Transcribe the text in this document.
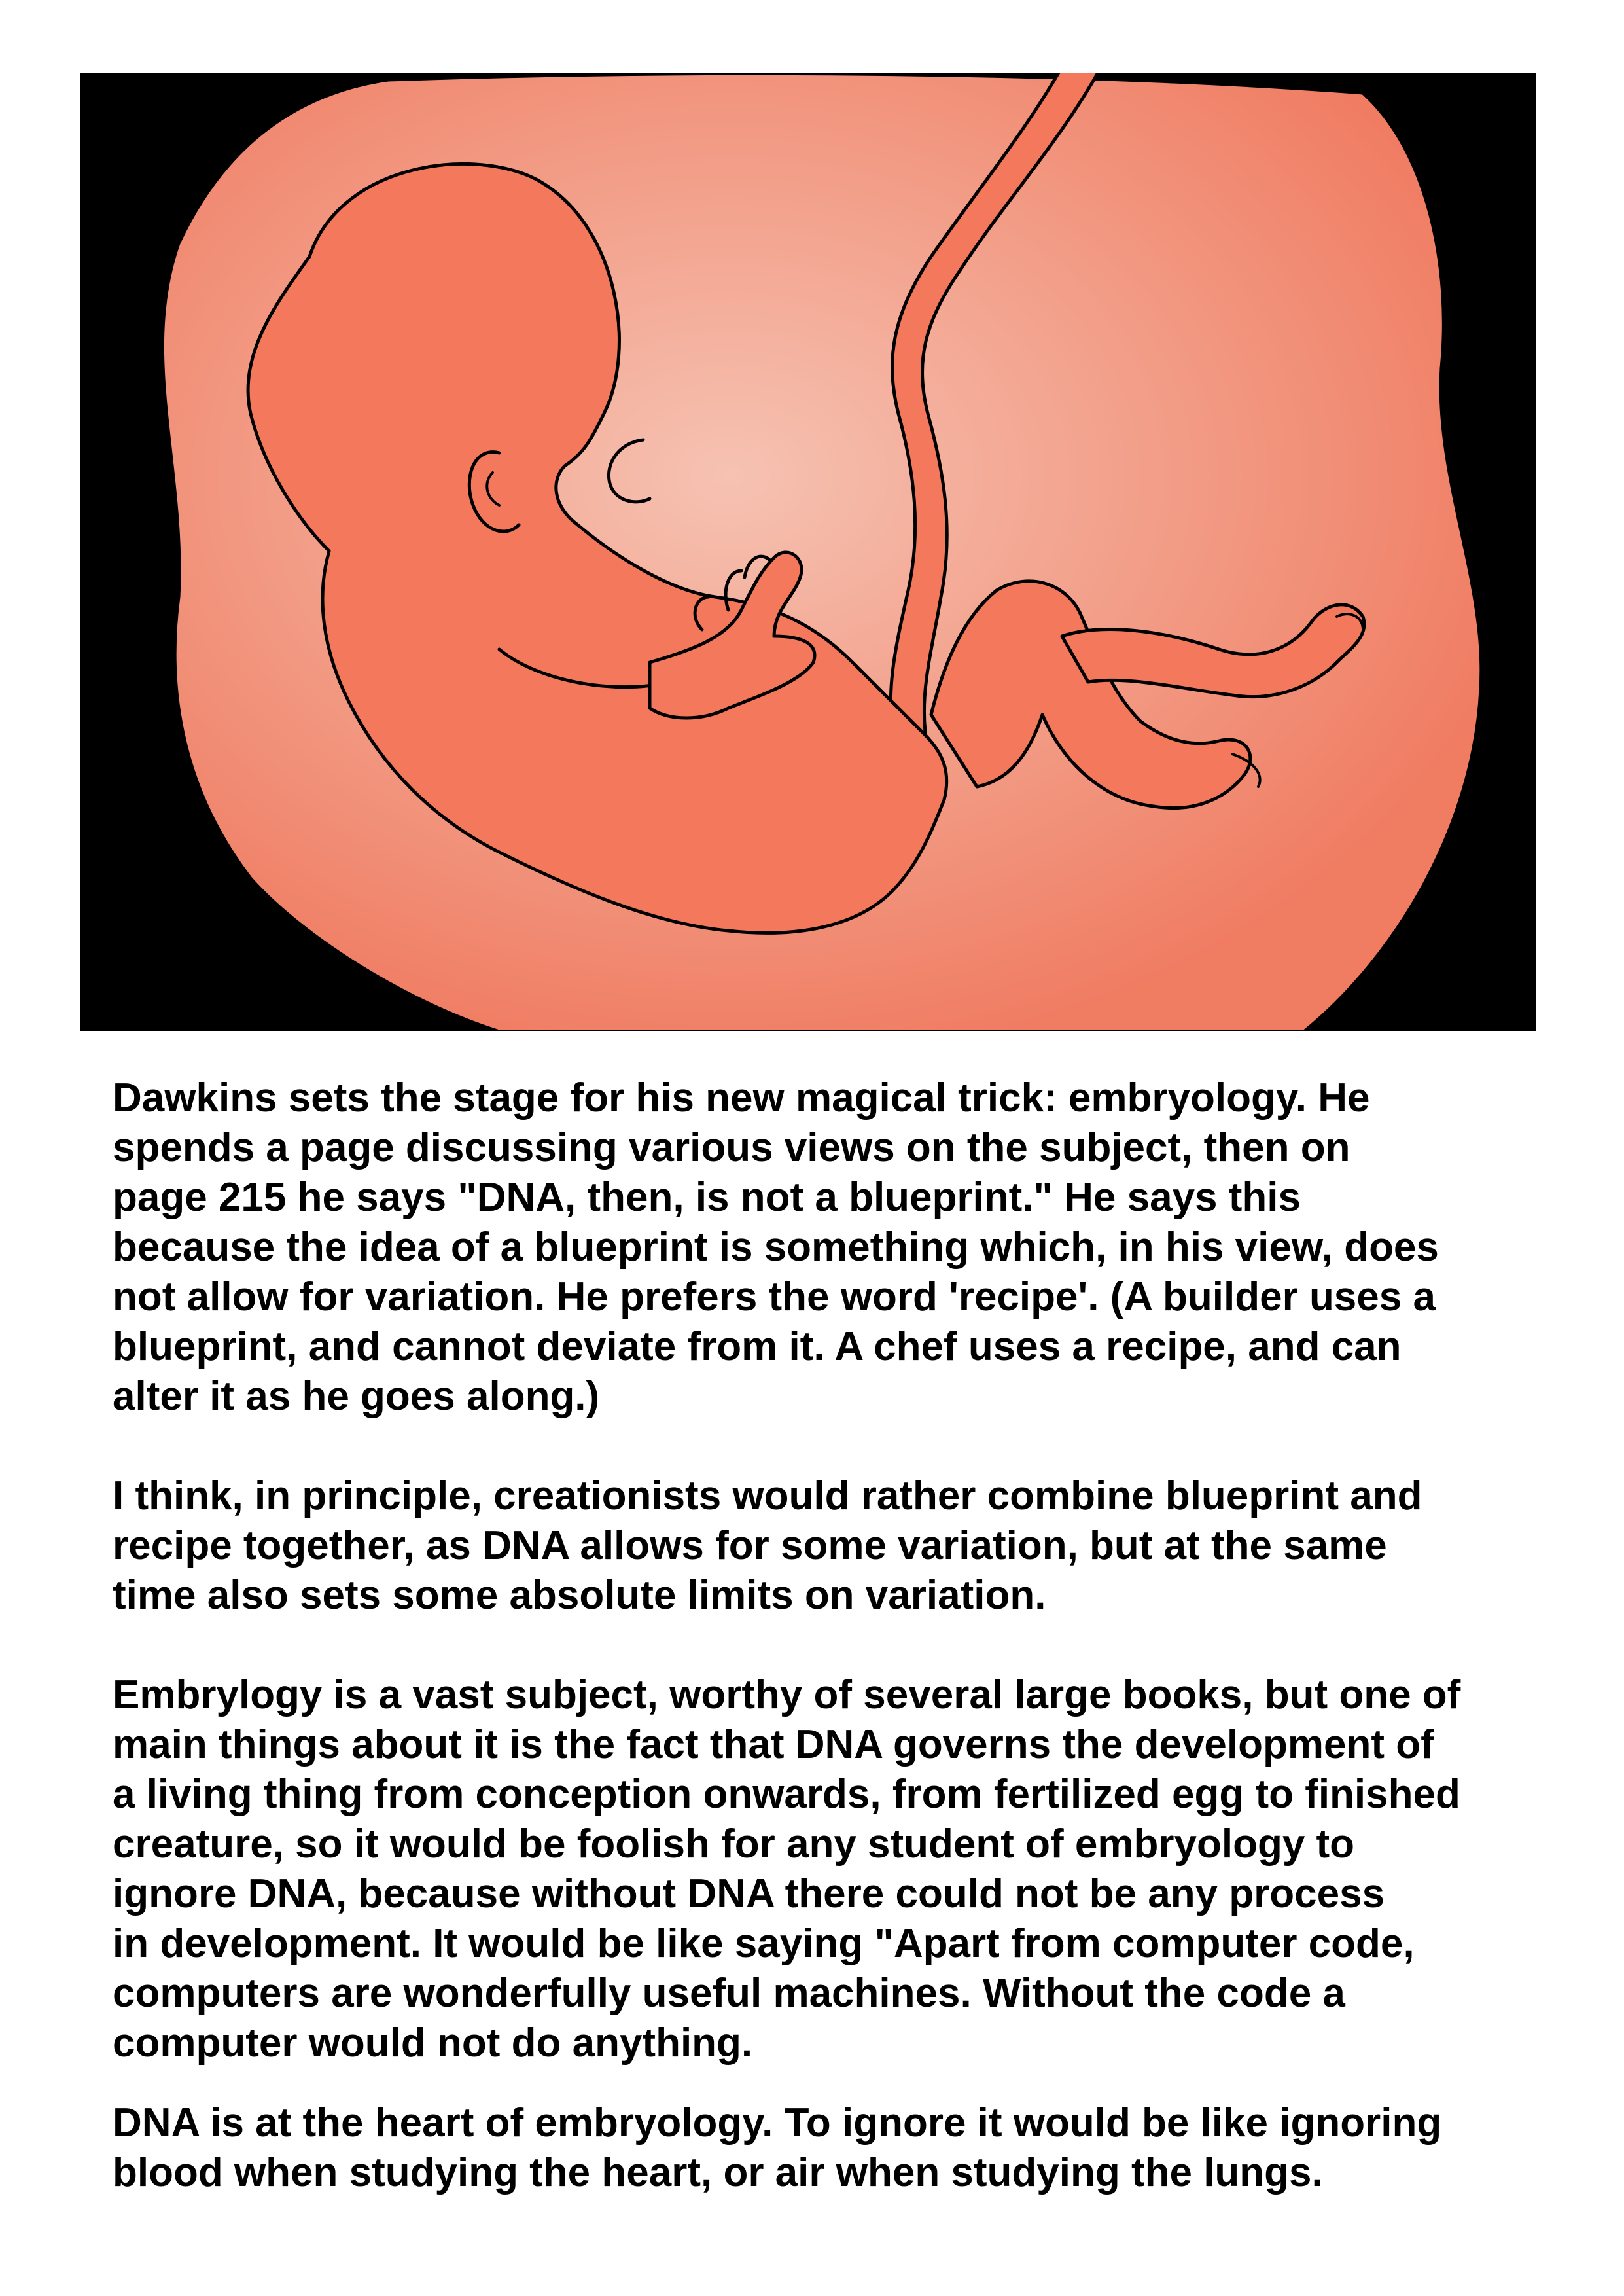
Dawkins sets the stage for his new magical trick: embryology. He
spends a page discussing various views on the subject, then on
page 215 he says "DNA, then, is not a blueprint." He says this
because the idea of a blueprint is something which, in his view, does
not allow for variation. He prefers the word 'recipe'. (A builder uses a
blueprint, and cannot deviate from it. A chef uses a recipe, and can
alter it as he goes along.)

I think, in principle, creationists would rather combine blueprint and
recipe together, as DNA allows for some variation, but at the same
time also sets some absolute limits on variation.

Embrylogy is a vast subject, worthy of several large books, but one of
main things about it is the fact that DNA governs the development of
a living thing from conception onwards, from fertilized egg to finished
creature, so it would be foolish for any student of embryology to
ignore DNA, because without DNA there could not be any process
in development. It would be like saying "Apart from computer code,
computers are wonderfully useful machines. Without the code a
computer would not do anything.

DNA is at the heart of embryology. To ignore it would be like ignoring
blood when studying the heart, or air when studying the lungs.
